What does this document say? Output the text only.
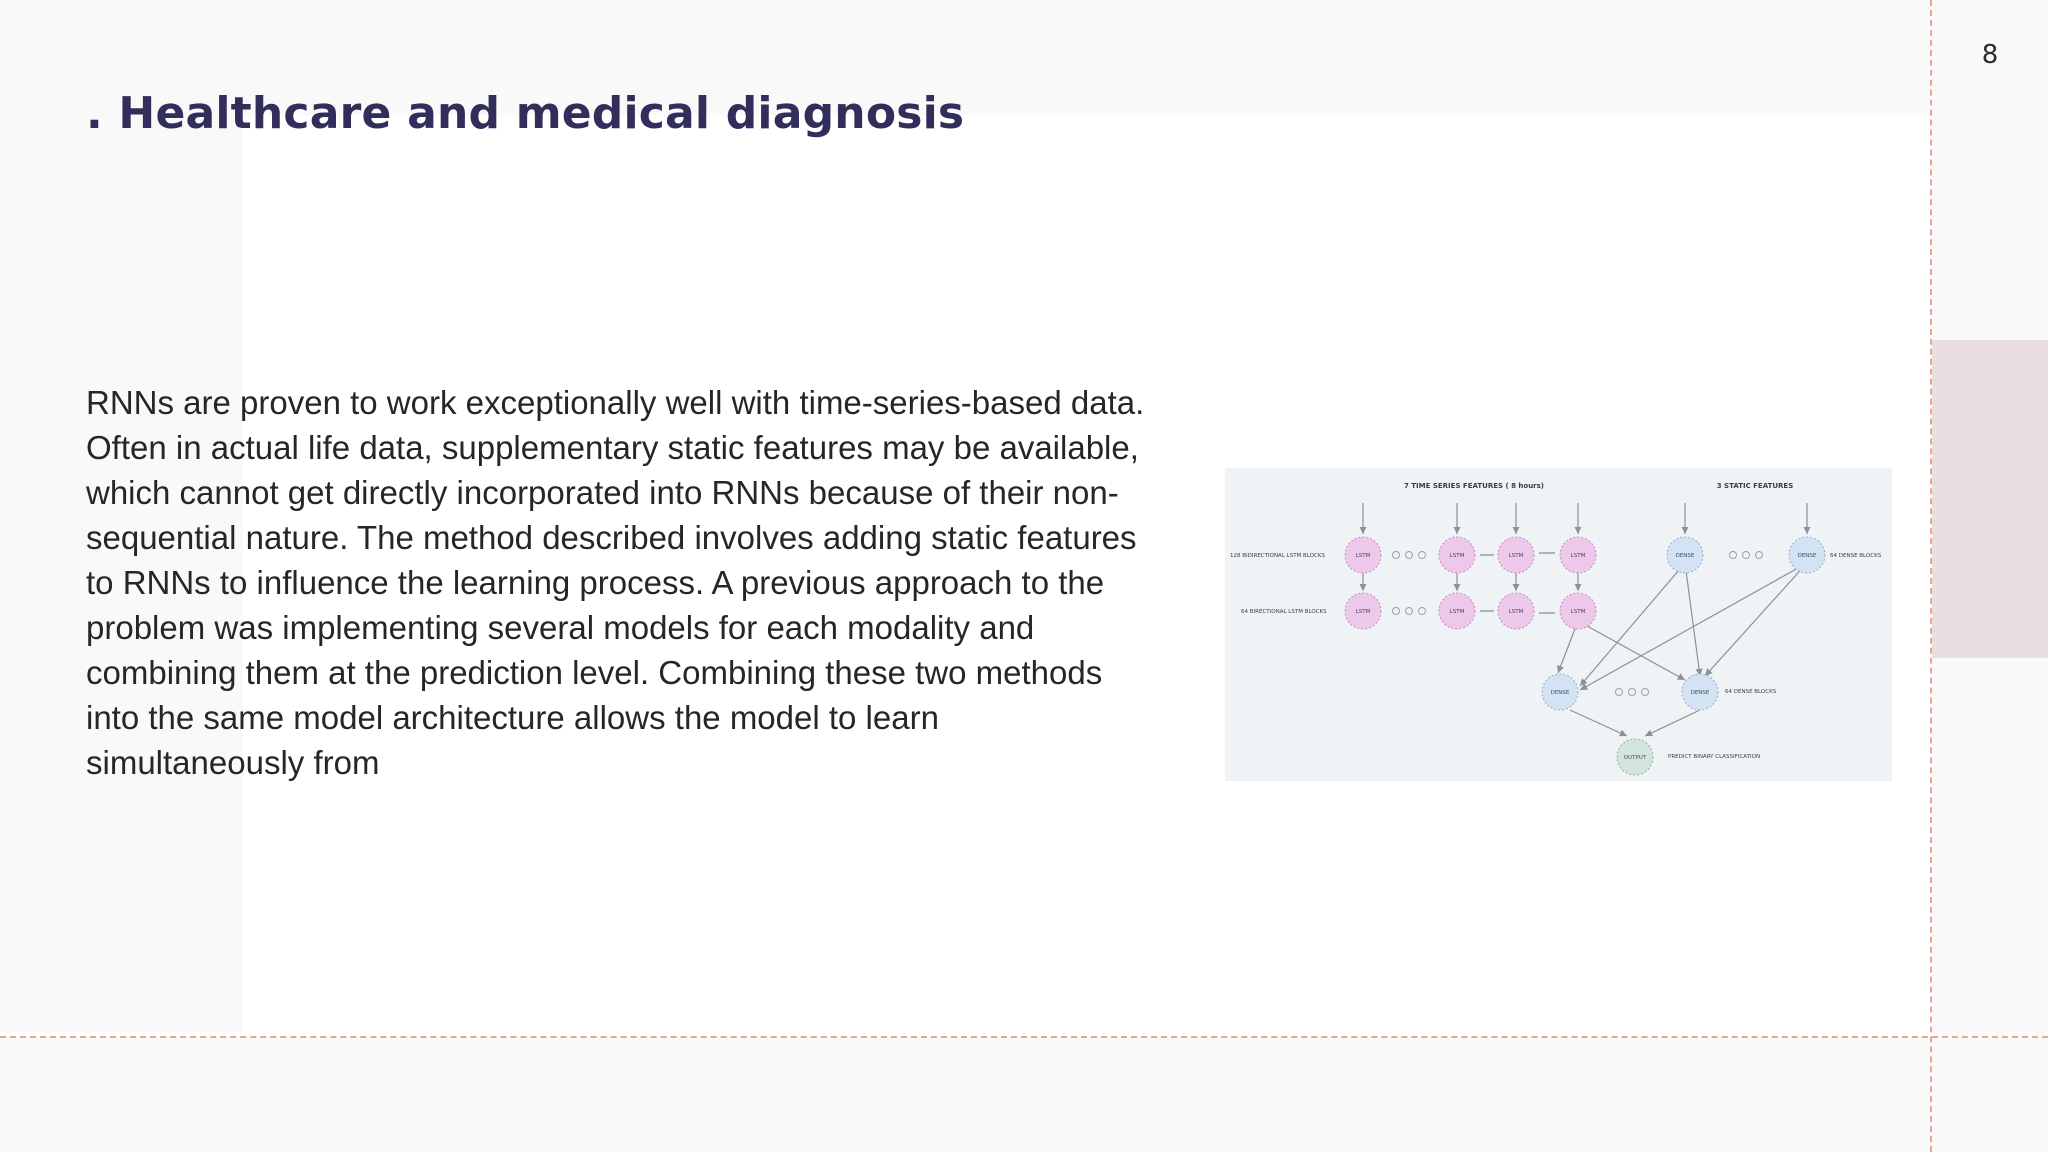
8
. Healthcare and medical diagnosis

RNNs are proven to work exceptionally well with time-series-based data. Often in actual life data, supplementary static features may be available, which cannot get directly incorporated into RNNs because of their non-sequential nature. The method described involves adding static features to RNNs to influence the learning process. A previous approach to the problem was implementing several models for each modality and combining them at the prediction level. Combining these two methods into the same model architecture allows the model to learn simultaneously from

7 TIME SERIES FEATURES ( 8 hours)	3 STATIC FEATURES
128 BIDIRECTIONAL LSTM BLOCKS
64 BIRECTIONAL LSTM BLOCKS
64 DENSE BLOCKS
64 DENSE BLOCKS
PREDICT BINARY CLASSIFICATION
LSTM	LSTM	LSTM	LSTM
LSTM	LSTM	LSTM	LSTM
DENSE	DENSE
DENSE	DENSE
OUTPUT
